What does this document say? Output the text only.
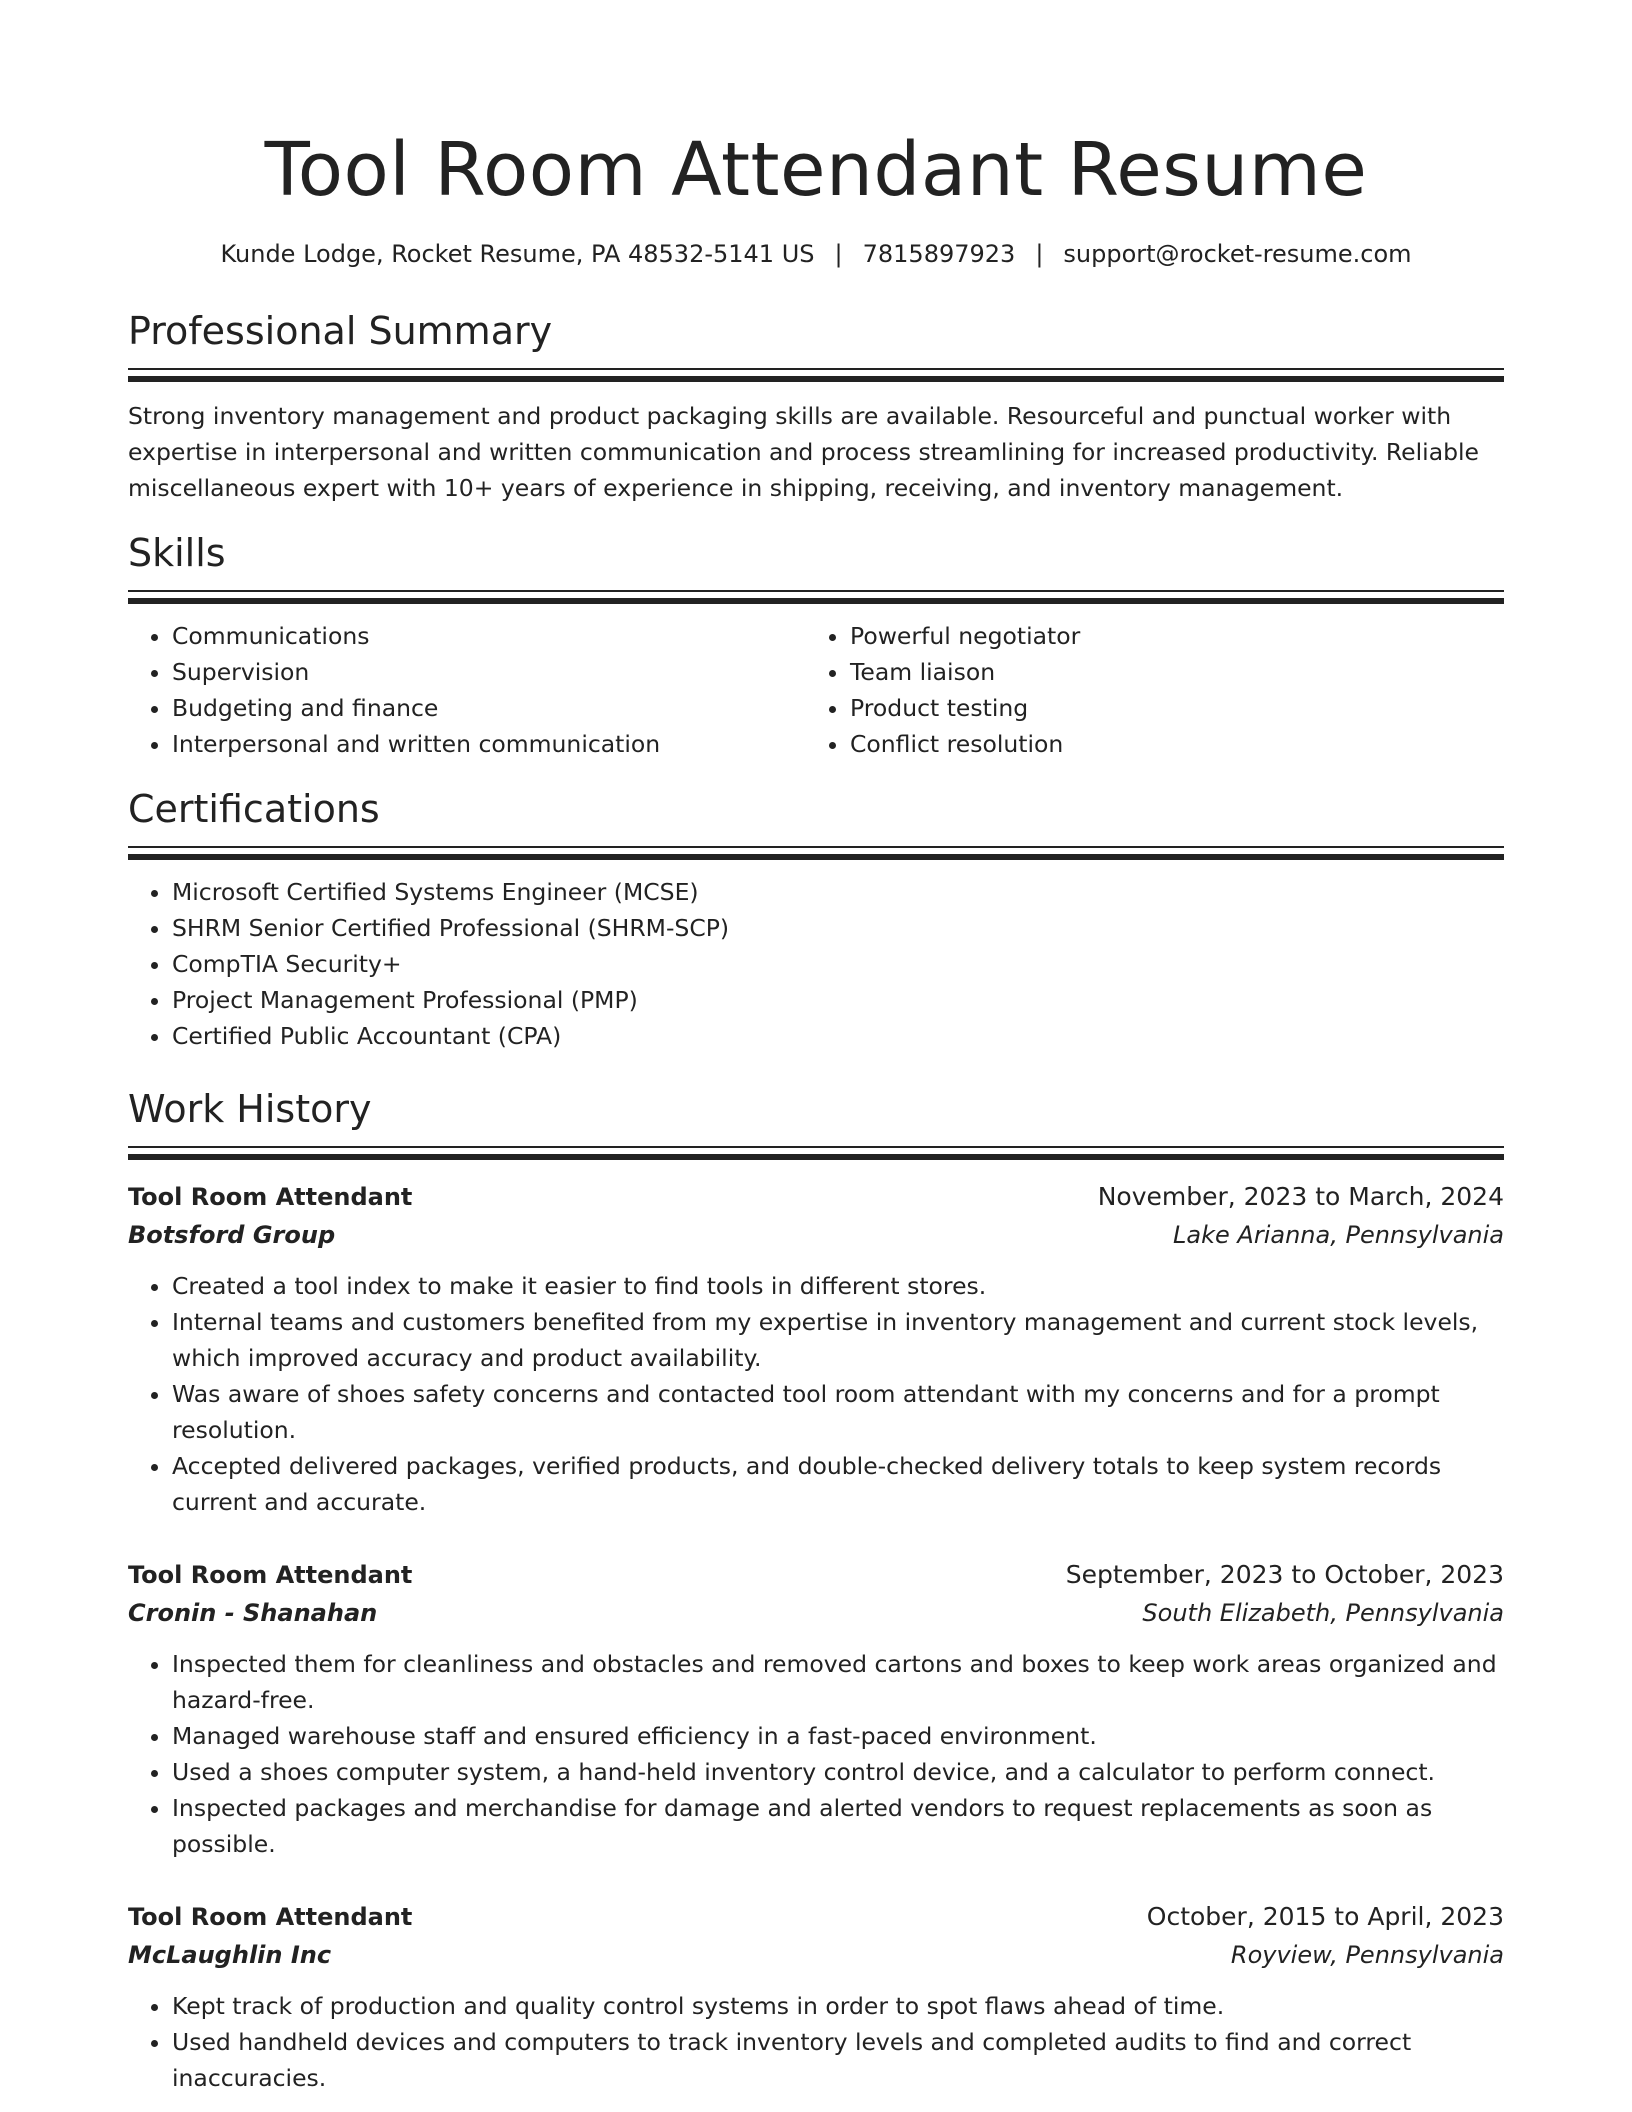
Tool Room Attendant Resume
Kunde Lodge, Rocket Resume, PA 48532-5141 US | 7815897923 | support@rocket-resume.com
Professional Summary

Strong inventory management and product packaging skills are available. Resourceful and punctual worker with expertise in interpersonal and written communication and process streamlining for increased productivity. Reliable miscellaneous expert with 10+ years of experience in shipping, receiving, and inventory management.

Skills
• Communications
• Supervision
• Budgeting and finance
• Interpersonal and written communication
• Powerful negotiator
• Team liaison
• Product testing
• Conflict resolution
Certifications
• Microsoft Certified Systems Engineer (MCSE)
• SHRM Senior Certified Professional (SHRM-SCP)
• CompTIA Security+
• Project Management Professional (PMP)
• Certified Public Accountant (CPA)
Work History
Tool Room Attendant	November, 2023 to March, 2024
Botsford Group	Lake Arianna, Pennsylvania
• Created a tool index to make it easier to find tools in different stores.
• Internal teams and customers benefited from my expertise in inventory management and current stock levels, which improved accuracy and product availability.
• Was aware of shoes safety concerns and contacted tool room attendant with my concerns and for a prompt resolution.
• Accepted delivered packages, verified products, and double-checked delivery totals to keep system records current and accurate.
Tool Room Attendant	September, 2023 to October, 2023
Cronin - Shanahan	South Elizabeth, Pennsylvania
• Inspected them for cleanliness and obstacles and removed cartons and boxes to keep work areas organized and hazard-free.
• Managed warehouse staff and ensured efficiency in a fast-paced environment.
• Used a shoes computer system, a hand-held inventory control device, and a calculator to perform connect.
• Inspected packages and merchandise for damage and alerted vendors to request replacements as soon as possible.
Tool Room Attendant	October, 2015 to April, 2023
McLaughlin Inc	Royview, Pennsylvania
• Kept track of production and quality control systems in order to spot flaws ahead of time.
• Used handheld devices and computers to track inventory levels and completed audits to find and correct inaccuracies.
